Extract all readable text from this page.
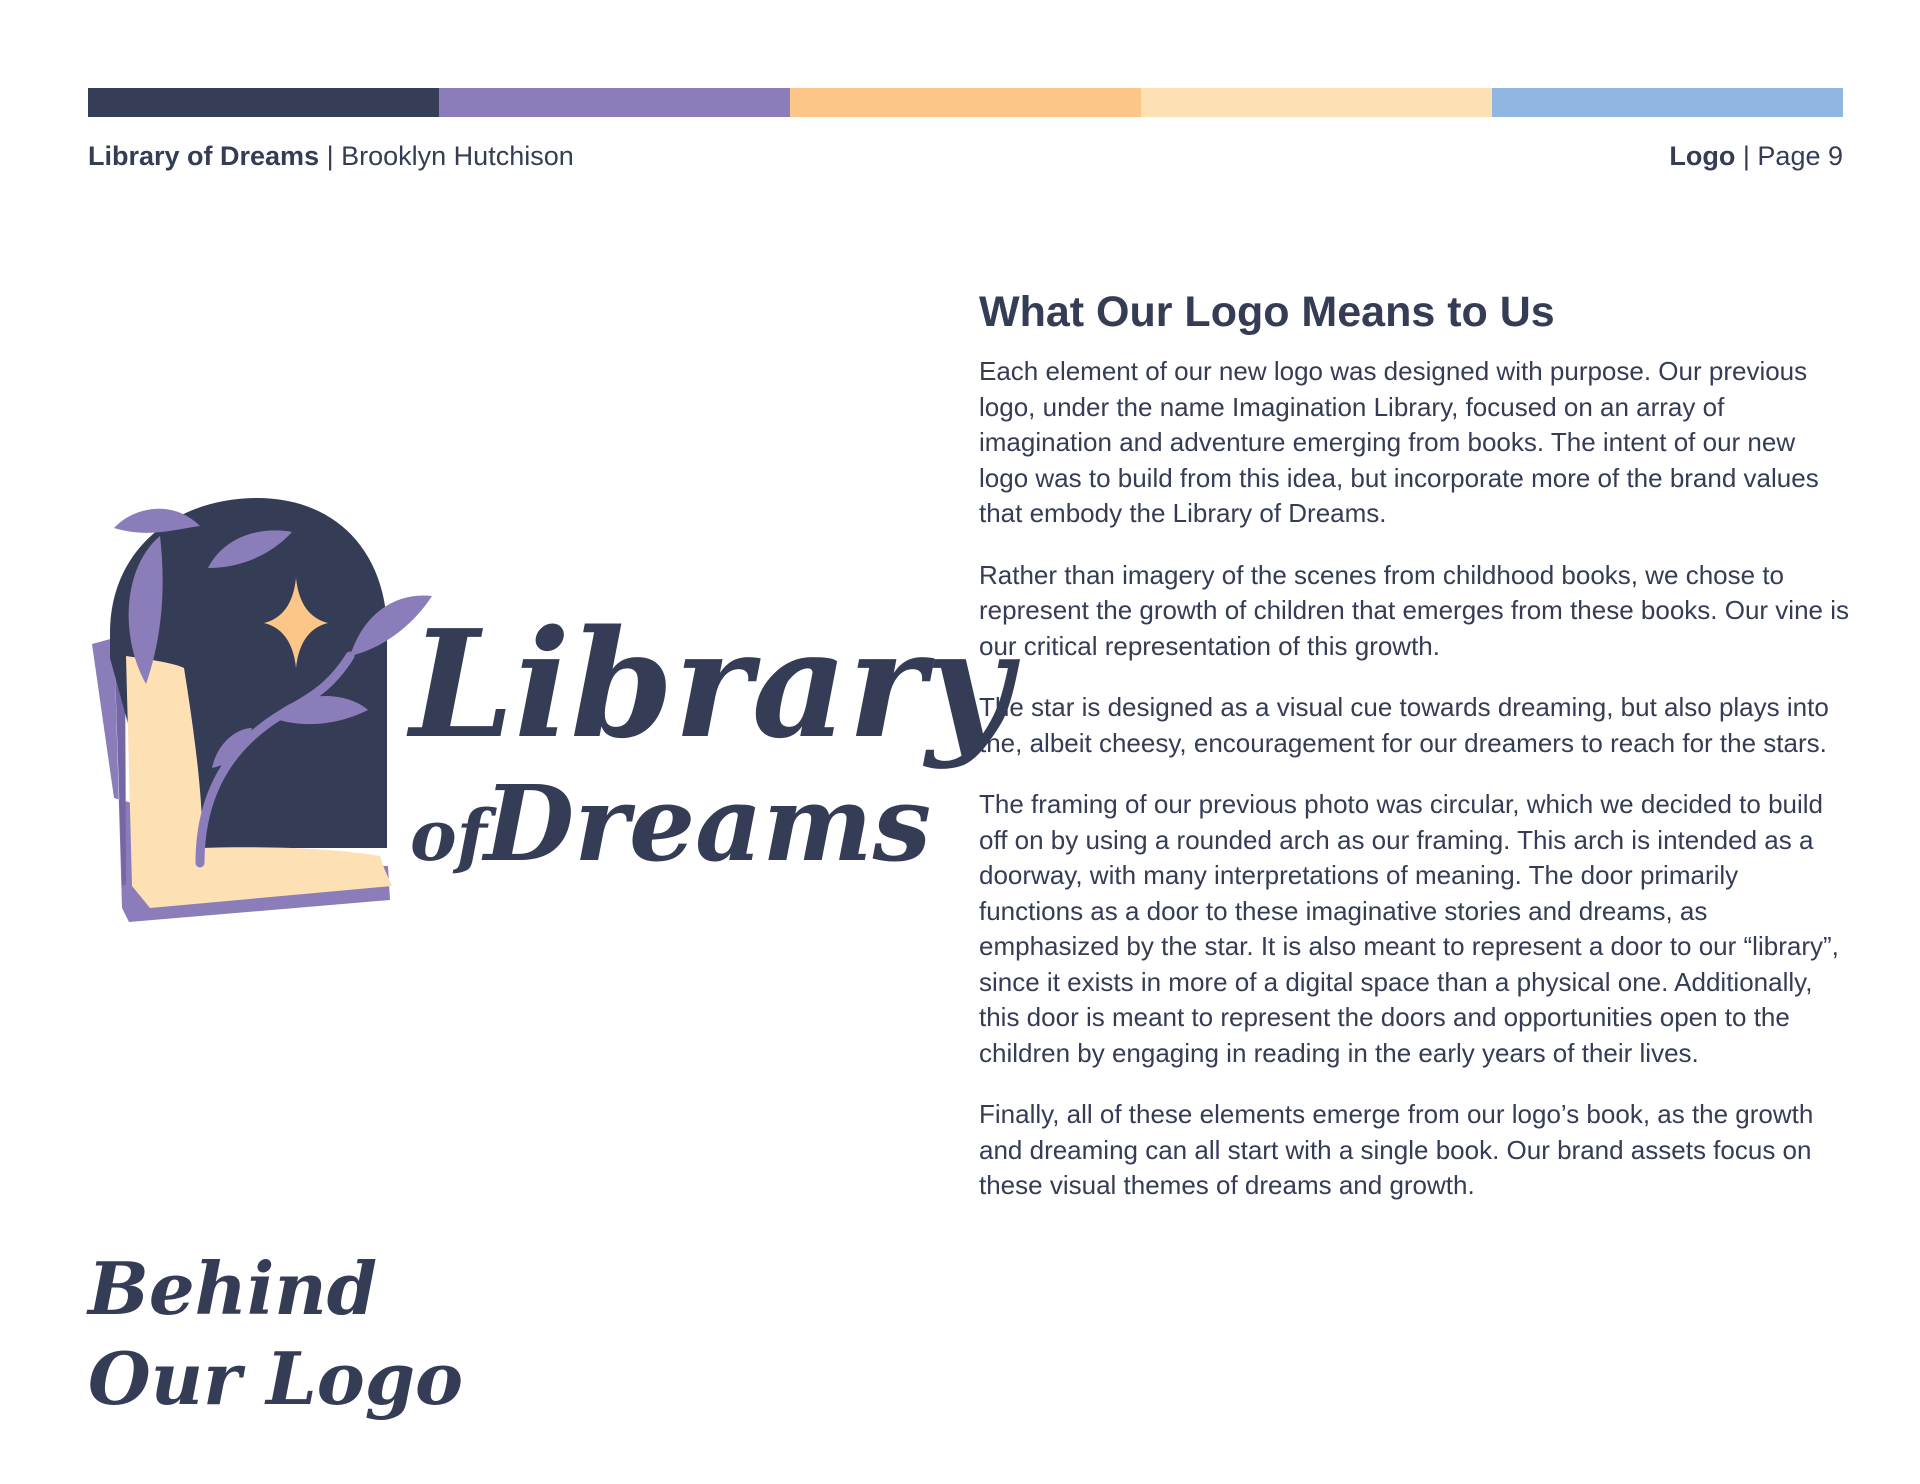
Library of Dreams | Brooklyn Hutchison	Logo | Page 9
Library
of
Dreams
Behind
Our Logo
What Our Logo Means to Us

Each element of our new logo was designed with purpose. Our previous logo, under the name Imagination Library, focused on an array of imagination and adventure emerging from books. The intent of our new logo was to build from this idea, but incorporate more of the brand values that embody the Library of Dreams.

Rather than imagery of the scenes from childhood books, we chose to represent the growth of children that emerges from these books. Our vine is our critical representation of this growth.

The star is designed as a visual cue towards dreaming, but also plays into the, albeit cheesy, encouragement for our dreamers to reach for the stars.

The framing of our previous photo was circular, which we decided to build off on by using a rounded arch as our framing. This arch is intended as a doorway, with many interpretations of meaning. The door primarily functions as a door to these imaginative stories and dreams, as emphasized by the star. It is also meant to represent a door to our “library”, since it exists in more of a digital space than a physical one. Additionally, this door is meant to represent the doors and opportunities open to the children by engaging in reading in the early years of their lives.

Finally, all of these elements emerge from our logo’s book, as the growth and dreaming can all start with a single book. Our brand assets focus on these visual themes of dreams and growth.
